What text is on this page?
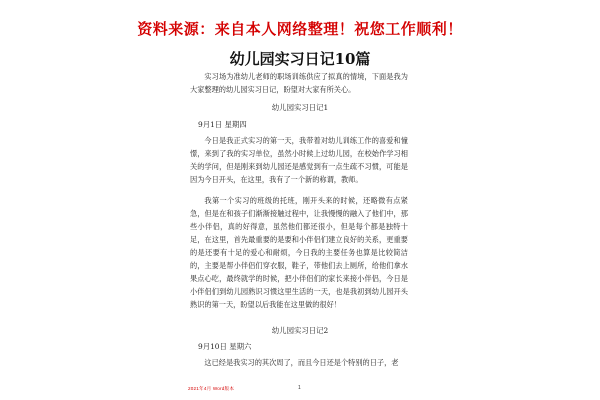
资料来源：来自本人网络整理！祝您工作顺利！
幼儿园实习日记10篇

实习场为准幼儿老师的职场训练供应了拟真的情境，下面是我为大家整理的幼儿园实习日记，盼望对大家有所关心。

幼儿园实习日记1

9月1日 星期四

今日是我正式实习的第一天，我带着对幼儿训练工作的喜爱和憧憬，来到了我的实习单位，虽然小时候上过幼儿园，在校始作学习相关的学问，但是刚来到幼儿园还是感觉到有一点生疏不习惯，可能是因为今日开头，在这里，我有了一个新的称谓，教师。

我第一个实习的班级的托班，刚开头来的时候，还略微有点紧急，但是在和孩子们渐渐接触过程中，让我慢慢的融入了他们中，那些小伴侣，真的好得意，虽然他们都还很小，但是每个都是独特十足，在这里，首先最重要的是要和小伴侣们建立良好的关系，更重要的是还要有十足的爱心和耐烦，今日我的主要任务也算是比较简洁的，主要是帮小伴侣们穿衣服，鞋子，带他们去上厕所，给他们拿水果点心吃，最终就学的时候，把小伴侣们的家长来接小伴侣，今日是小伴侣们到幼儿园熟识习惯这里生活的一天，也是我初到幼儿园开头熟识的第一天，盼望以后我能在这里做的很好！

幼儿园实习日记2

9月10日 星期六

这已经是我实习的其次周了，而且今日还是个特别的日子，老

2021年4月 Word版本	1
